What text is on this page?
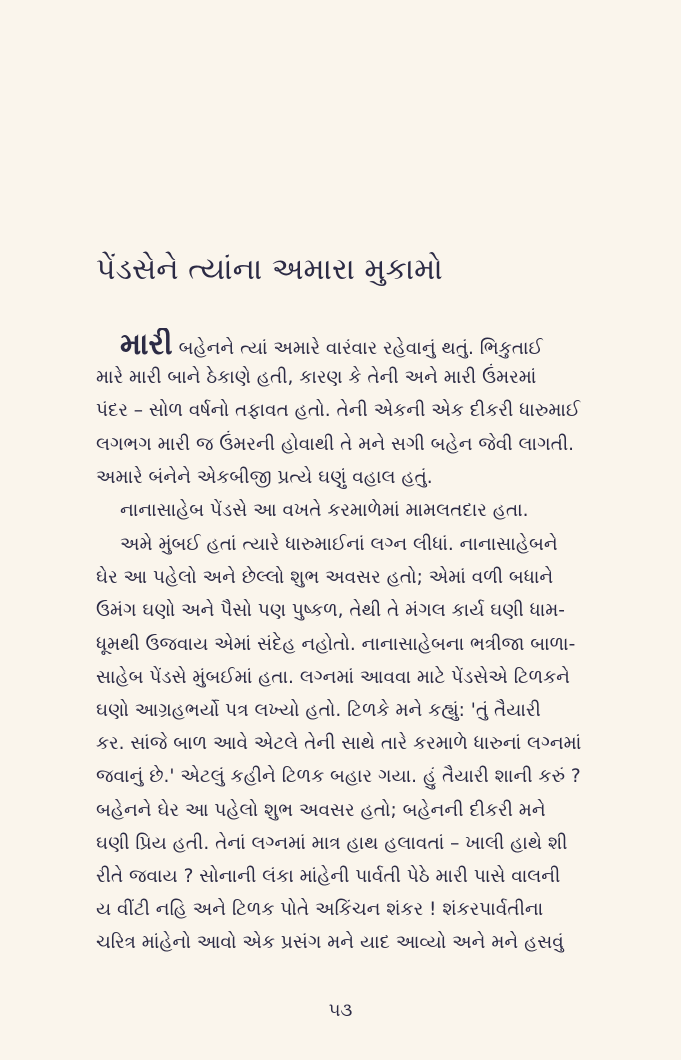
પેંડસેને ત્યાંના અમારા મુકામો
મારી બહેનને ત્યાં અમારે વારંવાર રહેવાનું થતું. ભિકુતાઈ
મારે મારી બાને ઠેકાણે હતી, કારણ કે તેની અને મારી ઉંમરમાં
પંદર – સોળ વર્ષનો તફાવત હતો. તેની એકની એક દીકરી ધારુમાઈ
લગભગ મારી જ ઉંમરની હોવાથી તે મને સગી બહેન જેવી લાગતી.
અમારે બંનેને એકબીજી પ્રત્યે ઘણું વહાલ હતું.
નાનાસાહેબ પેંડસે આ વખતે કરમાળેમાં મામલતદાર હતા.
અમે મુંબઈ હતાં ત્યારે ધારુમાઈનાં લગ્ન લીધાં. નાનાસાહેબને
ઘેર આ પહેલો અને છેલ્લો શુભ અવસર હતો; એમાં વળી બધાને
ઉમંગ ઘણો અને પૈસો પણ પુષ્કળ, તેથી તે મંગલ કાર્ય ઘણી ધામ-
ધૂમથી ઉજવાય એમાં સંદેહ નહોતો. નાનાસાહેબના ભત્રીજા બાળા-
સાહેબ પેંડસે મુંબઈમાં હતા. લગ્નમાં આવવા માટે પેંડસેએ ટિળકને
ઘણો આગ્રહભર્યો પત્ર લખ્યો હતો. ટિળકે મને કહ્યું: 'તું તૈયારી
કર. સાંજે બાળ આવે એટલે તેની સાથે તારે કરમાળે ધારુનાં લગ્નમાં
જવાનું છે.' એટલું કહીને ટિળક બહાર ગયા. હું તૈયારી શાની કરું ?
બહેનને ઘેર આ પહેલો શુભ અવસર હતો; બહેનની દીકરી મને
ઘણી પ્રિય હતી. તેનાં લગ્નમાં માત્ર હાથ હલાવતાં – ખાલી હાથે શી
રીતે જવાય ? સોનાની લંકા માંહેની પાર્વતી પેઠે મારી પાસે વાલની
ય વીંટી નહિ અને ટિળક પોતે અકિંચન શંકર ! શંકરપાર્વતીના
ચરિત્ર માંહેનો આવો એક પ્રસંગ મને યાદ આવ્યો અને મને હસવું
૫૩
